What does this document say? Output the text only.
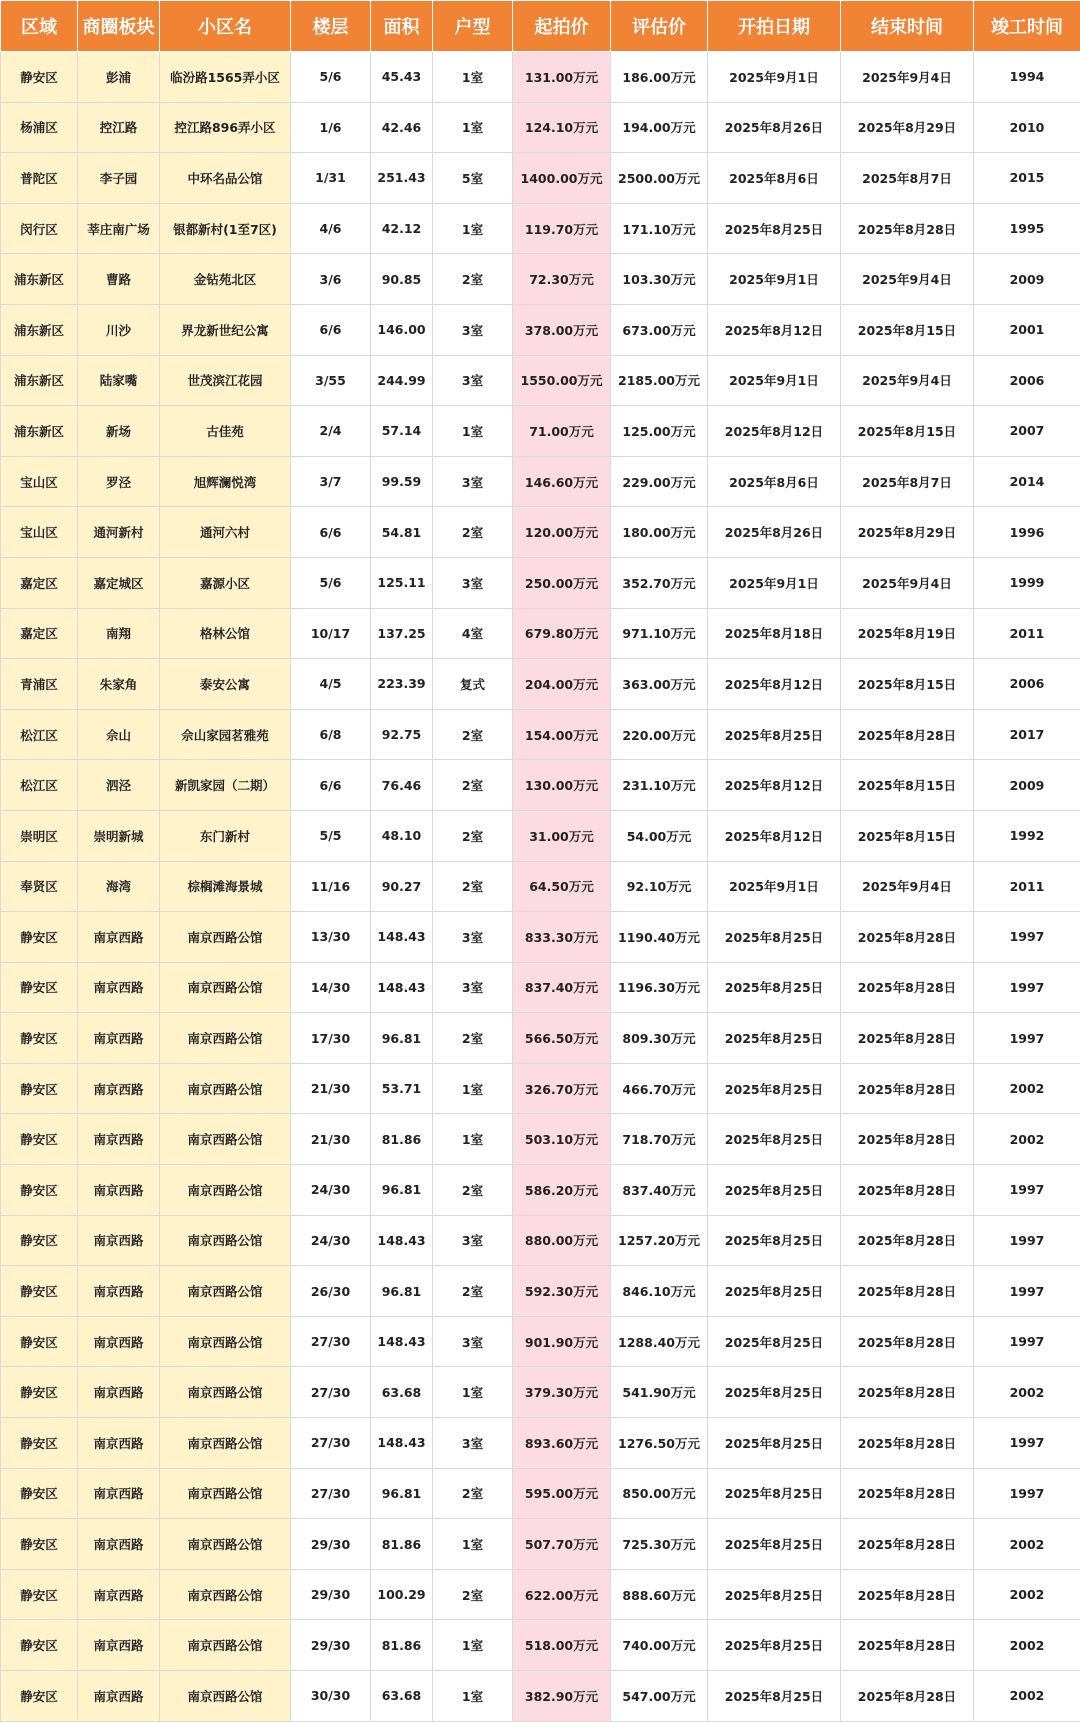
区域	商圈板块	小区名	楼层	面积	户型	起拍价	评估价	开拍日期	结束时间	竣工时间
静安区	彭浦	临汾路1565弄小区	5/6	45.43	1室	131.00万元	186.00万元	2025年9月1日	2025年9月4日	1994
杨浦区	控江路	控江路896弄小区	1/6	42.46	1室	124.10万元	194.00万元	2025年8月26日	2025年8月29日	2010
普陀区	李子园	中环名品公馆	1/31	251.43	5室	1400.00万元	2500.00万元	2025年8月6日	2025年8月7日	2015
闵行区	莘庄南广场	银都新村(1至7区)	4/6	42.12	1室	119.70万元	171.10万元	2025年8月25日	2025年8月28日	1995
浦东新区	曹路	金钻苑北区	3/6	90.85	2室	72.30万元	103.30万元	2025年9月1日	2025年9月4日	2009
浦东新区	川沙	界龙新世纪公寓	6/6	146.00	3室	378.00万元	673.00万元	2025年8月12日	2025年8月15日	2001
浦东新区	陆家嘴	世茂滨江花园	3/55	244.99	3室	1550.00万元	2185.00万元	2025年9月1日	2025年9月4日	2006
浦东新区	新场	古佳苑	2/4	57.14	1室	71.00万元	125.00万元	2025年8月12日	2025年8月15日	2007
宝山区	罗泾	旭辉澜悦湾	3/7	99.59	3室	146.60万元	229.00万元	2025年8月6日	2025年8月7日	2014
宝山区	通河新村	通河六村	6/6	54.81	2室	120.00万元	180.00万元	2025年8月26日	2025年8月29日	1996
嘉定区	嘉定城区	嘉源小区	5/6	125.11	3室	250.00万元	352.70万元	2025年9月1日	2025年9月4日	1999
嘉定区	南翔	格林公馆	10/17	137.25	4室	679.80万元	971.10万元	2025年8月18日	2025年8月19日	2011
青浦区	朱家角	泰安公寓	4/5	223.39	复式	204.00万元	363.00万元	2025年8月12日	2025年8月15日	2006
松江区	佘山	佘山家园茗雅苑	6/8	92.75	2室	154.00万元	220.00万元	2025年8月25日	2025年8月28日	2017
松江区	泗泾	新凯家园（二期）	6/6	76.46	2室	130.00万元	231.10万元	2025年8月12日	2025年8月15日	2009
崇明区	崇明新城	东门新村	5/5	48.10	2室	31.00万元	54.00万元	2025年8月12日	2025年8月15日	1992
奉贤区	海湾	棕榈滩海景城	11/16	90.27	2室	64.50万元	92.10万元	2025年9月1日	2025年9月4日	2011
静安区	南京西路	南京西路公馆	13/30	148.43	3室	833.30万元	1190.40万元	2025年8月25日	2025年8月28日	1997
静安区	南京西路	南京西路公馆	14/30	148.43	3室	837.40万元	1196.30万元	2025年8月25日	2025年8月28日	1997
静安区	南京西路	南京西路公馆	17/30	96.81	2室	566.50万元	809.30万元	2025年8月25日	2025年8月28日	1997
静安区	南京西路	南京西路公馆	21/30	53.71	1室	326.70万元	466.70万元	2025年8月25日	2025年8月28日	2002
静安区	南京西路	南京西路公馆	21/30	81.86	1室	503.10万元	718.70万元	2025年8月25日	2025年8月28日	2002
静安区	南京西路	南京西路公馆	24/30	96.81	2室	586.20万元	837.40万元	2025年8月25日	2025年8月28日	1997
静安区	南京西路	南京西路公馆	24/30	148.43	3室	880.00万元	1257.20万元	2025年8月25日	2025年8月28日	1997
静安区	南京西路	南京西路公馆	26/30	96.81	2室	592.30万元	846.10万元	2025年8月25日	2025年8月28日	1997
静安区	南京西路	南京西路公馆	27/30	148.43	3室	901.90万元	1288.40万元	2025年8月25日	2025年8月28日	1997
静安区	南京西路	南京西路公馆	27/30	63.68	1室	379.30万元	541.90万元	2025年8月25日	2025年8月28日	2002
静安区	南京西路	南京西路公馆	27/30	148.43	3室	893.60万元	1276.50万元	2025年8月25日	2025年8月28日	1997
静安区	南京西路	南京西路公馆	27/30	96.81	2室	595.00万元	850.00万元	2025年8月25日	2025年8月28日	1997
静安区	南京西路	南京西路公馆	29/30	81.86	1室	507.70万元	725.30万元	2025年8月25日	2025年8月28日	2002
静安区	南京西路	南京西路公馆	29/30	100.29	2室	622.00万元	888.60万元	2025年8月25日	2025年8月28日	2002
静安区	南京西路	南京西路公馆	29/30	81.86	1室	518.00万元	740.00万元	2025年8月25日	2025年8月28日	2002
静安区	南京西路	南京西路公馆	30/30	63.68	1室	382.90万元	547.00万元	2025年8月25日	2025年8月28日	2002
